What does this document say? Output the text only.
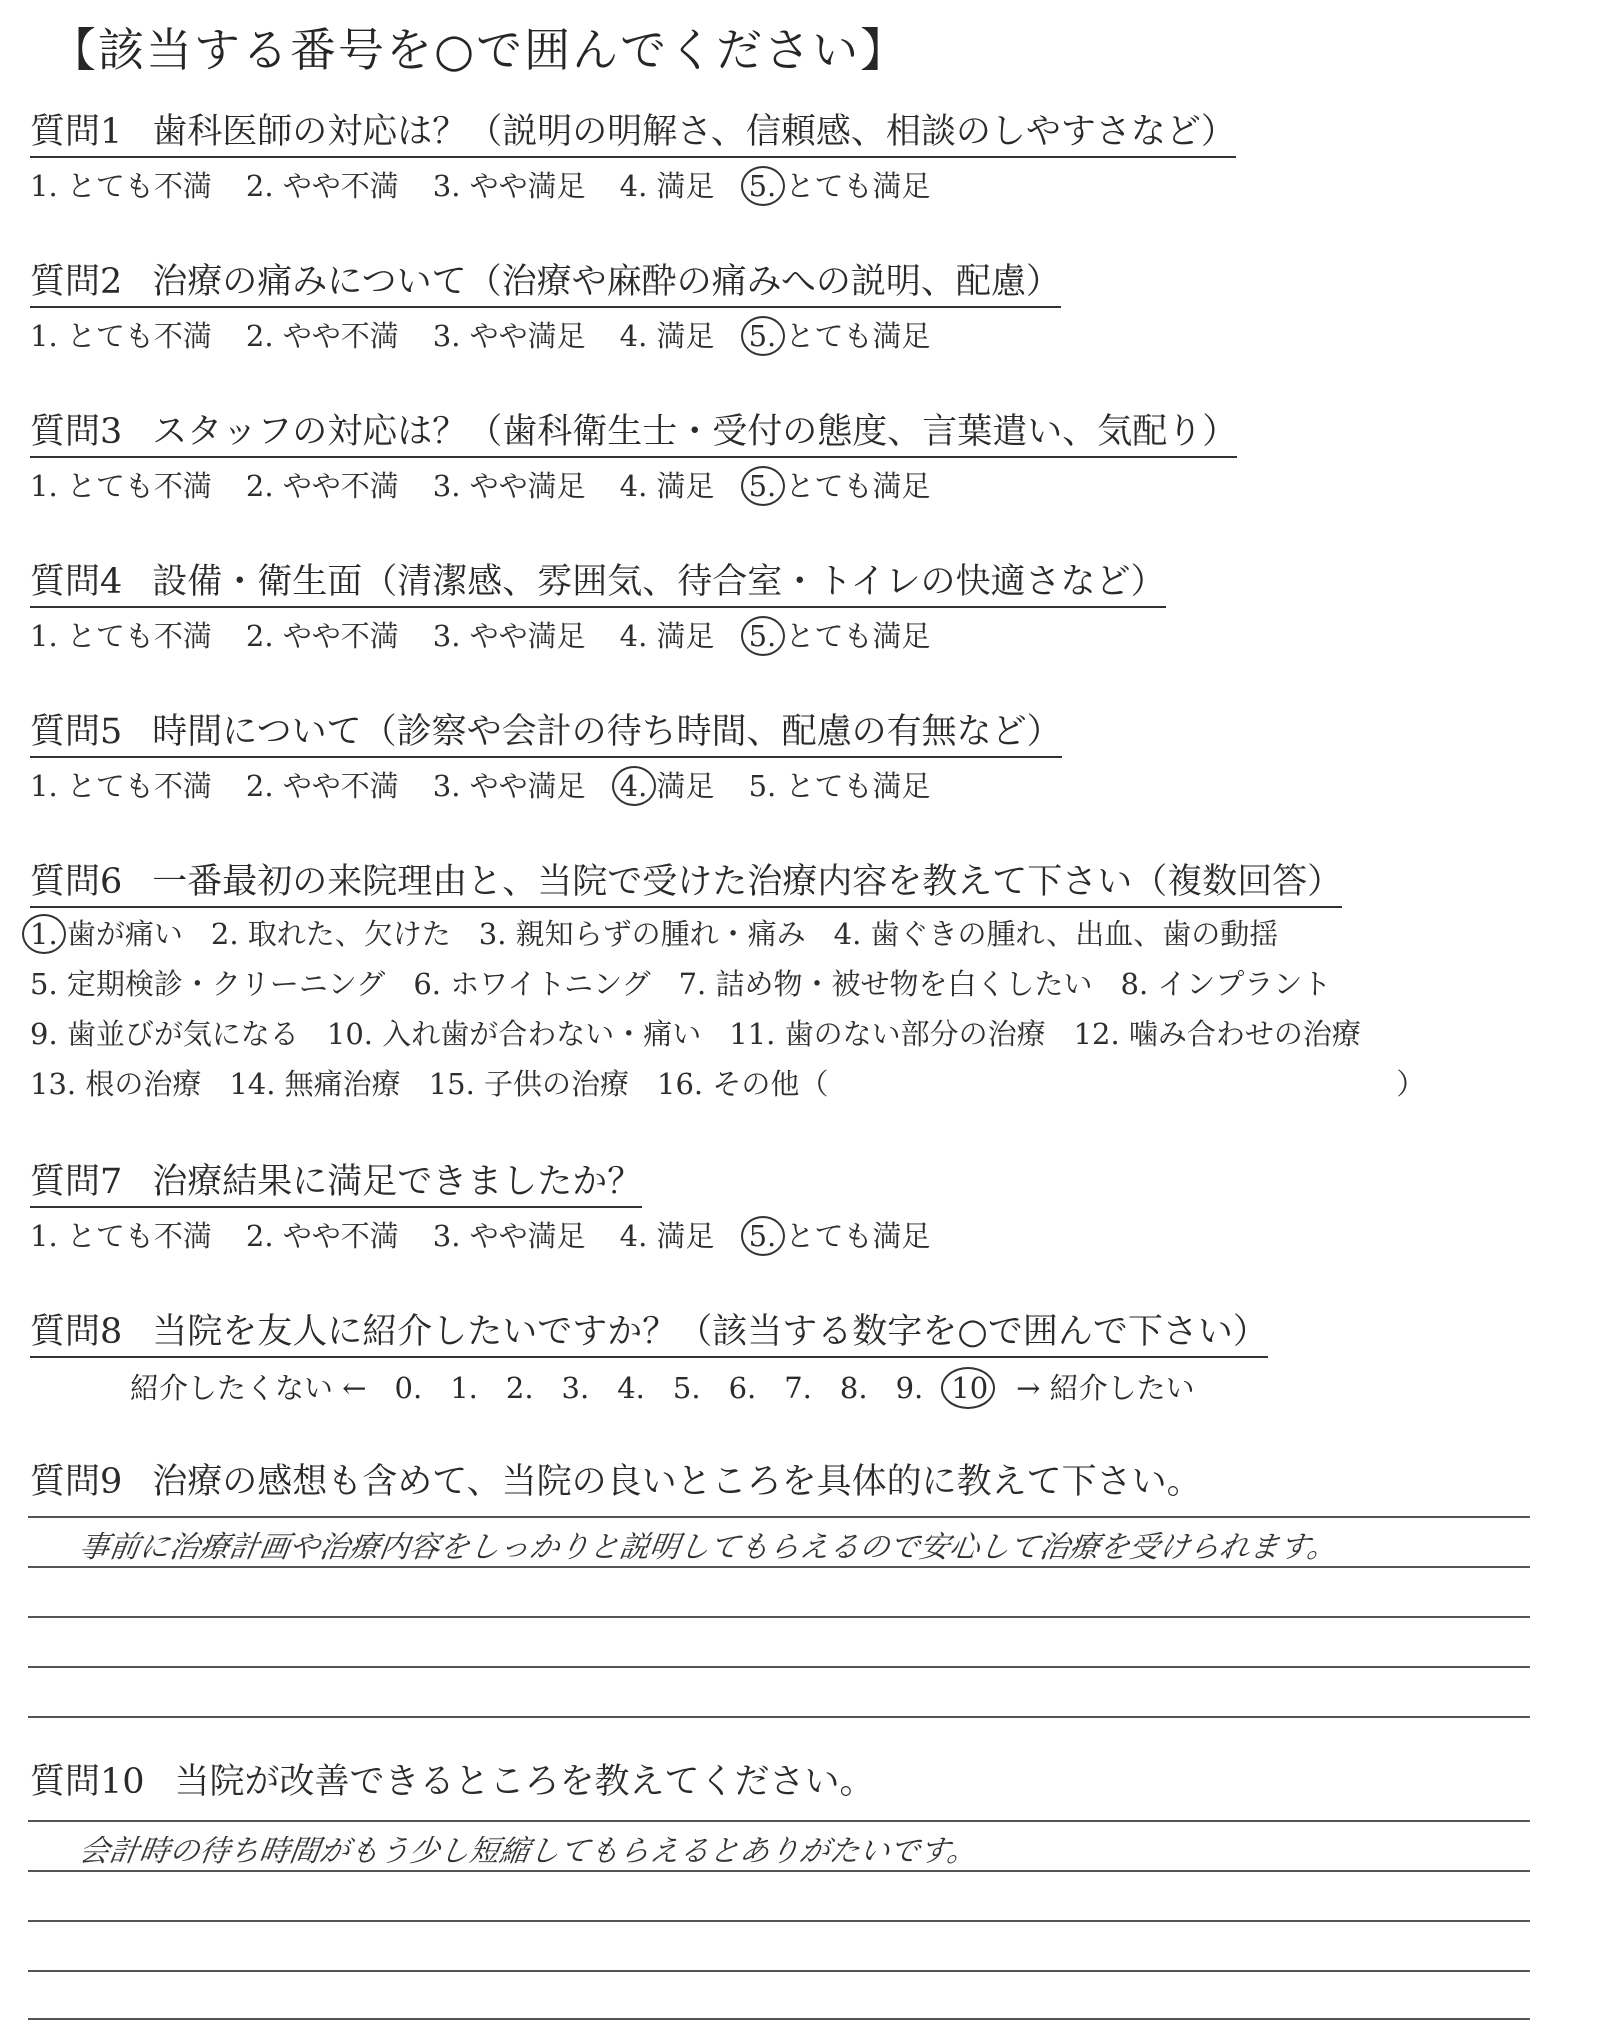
【該当する番号を○で囲んでください】
質問1 歯科医師の対応は？（説明の明解さ、信頼感、相談のしやすさなど）
1. とても不満 2. やや不満 3. やや満足 4. 満足 5. とても満足
質問2 治療の痛みについて（治療や麻酔の痛みへの説明、配慮）
1. とても不満 2. やや不満 3. やや満足 4. 満足 5. とても満足
質問3 スタッフの対応は？（歯科衛生士・受付の態度、言葉遣い、気配り）
1. とても不満 2. やや不満 3. やや満足 4. 満足 5. とても満足
質問4 設備・衛生面（清潔感、雰囲気、待合室・トイレの快適さなど）
1. とても不満 2. やや不満 3. やや満足 4. 満足 5. とても満足
質問5 時間について（診察や会計の待ち時間、配慮の有無など）
1. とても不満 2. やや不満 3. やや満足 4. 満足 5. とても満足
質問6 一番最初の来院理由と、当院で受けた治療内容を教えて下さい（複数回答）
1. 歯が痛い 2. 取れた、欠けた 3. 親知らずの腫れ・痛み 4. 歯ぐきの腫れ、出血、歯の動揺
5. 定期検診・クリーニング 6. ホワイトニング 7. 詰め物・被せ物を白くしたい 8. インプラント
9. 歯並びが気になる 10. 入れ歯が合わない・痛い 11. 歯のない部分の治療 12. 噛み合わせの治療
13. 根の治療 14. 無痛治療 15. 子供の治療 16. その他（	）
質問7 治療結果に満足できましたか？
1. とても不満 2. やや不満 3. やや満足 4. 満足 5. とても満足
質問8 当院を友人に紹介したいですか？（該当する数字を○で囲んで下さい）
紹介したくない ← 0. 1. 2. 3. 4. 5. 6. 7. 8. 9. 10 → 紹介したい
質問9 治療の感想も含めて、当院の良いところを具体的に教えて下さい。
事前に治療計画や治療内容をしっかりと説明してもらえるので安心して治療を受けられます。
質問10 当院が改善できるところを教えてください。
会計時の待ち時間がもう少し短縮してもらえるとありがたいです。
